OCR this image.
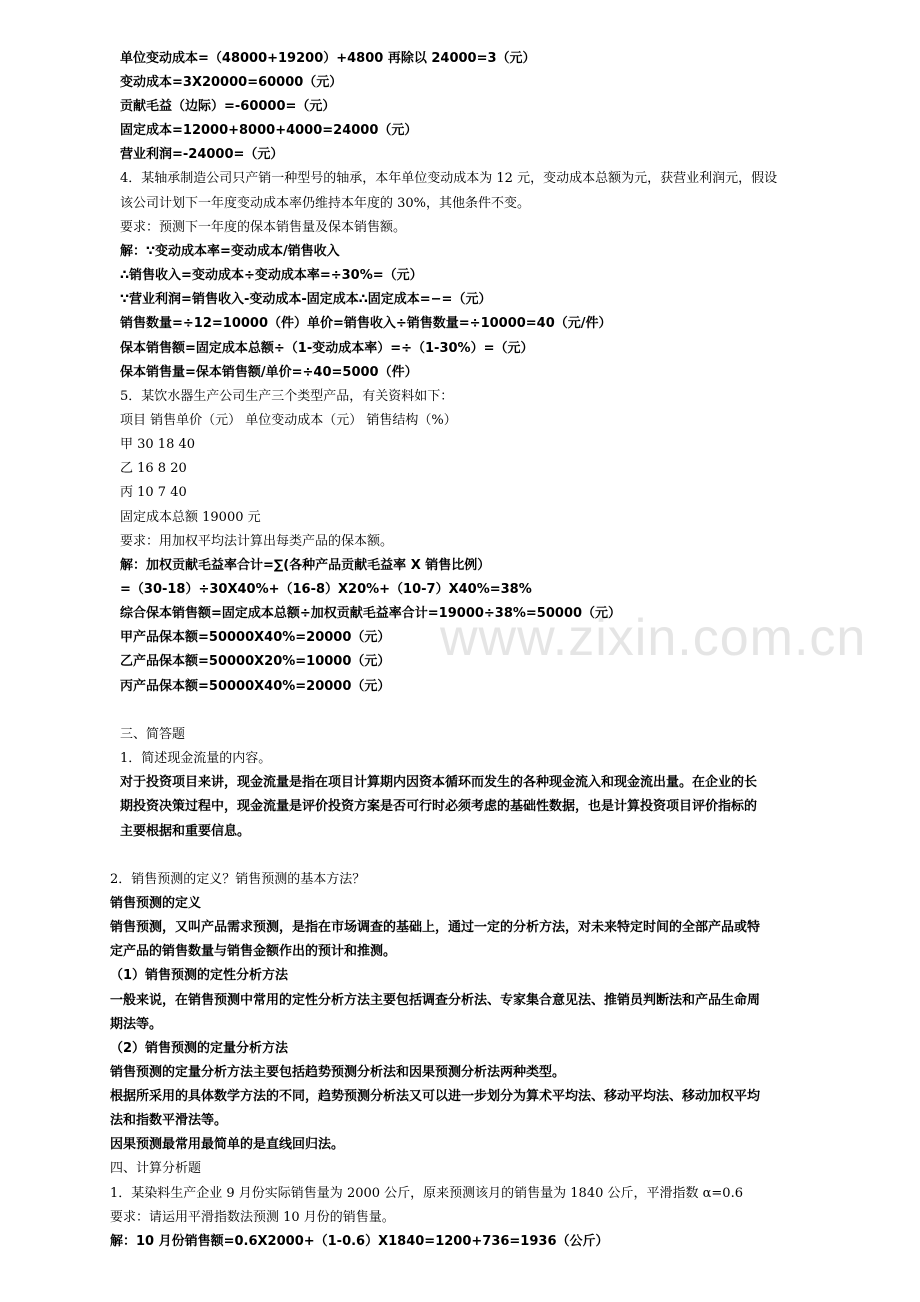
单位变动成本=（48000+19200）+4800 再除以 24000=3（元）
变动成本=3X20000=60000（元）
贡献毛益（边际）=-60000=（元）
固定成本=12000+8000+4000=24000（元）
营业利润=-24000=（元）
4．某轴承制造公司只产销一种型号的轴承，本年单位变动成本为 12 元，变动成本总额为元，获营业利润元，假设
该公司计划下一年度变动成本率仍维持本年度的 30%，其他条件不变。
要求：预测下一年度的保本销售量及保本销售额。
解：∵变动成本率=变动成本/销售收入
∴销售收入=变动成本÷变动成本率=÷30%=（元）
∵营业利润=销售收入-变动成本-固定成本∴固定成本=−=（元）
销售数量=÷12=10000（件）单价=销售收入÷销售数量=÷10000=40（元/件）
保本销售额=固定成本总额÷（1-变动成本率）=÷（1-30%）=（元）
保本销售量=保本销售额/单价=÷40=5000（件）
5．某饮水器生产公司生产三个类型产品，有关资料如下：
项目 销售单价（元） 单位变动成本（元） 销售结构（%）
甲 30 18 40
乙 16 8 20
丙 10 7 40
固定成本总额 19000 元
要求：用加权平均法计算出每类产品的保本额。
解：加权贡献毛益率合计=∑(各种产品贡献毛益率 X 销售比例）
=（30-18）÷30X40%+（16-8）X20%+（10-7）X40%=38%
综合保本销售额=固定成本总额÷加权贡献毛益率合计=19000÷38%=50000（元）
甲产品保本额=50000X40%=20000（元）
乙产品保本额=50000X20%=10000（元）
丙产品保本额=50000X40%=20000（元）
三、简答题
1．简述现金流量的内容。
对于投资项目来讲，现金流量是指在项目计算期内因资本循环而发生的各种现金流入和现金流出量。在企业的长
期投资决策过程中，现金流量是评价投资方案是否可行时必须考虑的基础性数据，也是计算投资项目评价指标的
主要根据和重要信息。
2．销售预测的定义？销售预测的基本方法？
销售预测的定义
销售预测，又叫产品需求预测，是指在市场调查的基础上，通过一定的分析方法，对未来特定时间的全部产品或特
定产品的销售数量与销售金额作出的预计和推测。
（1）销售预测的定性分析方法
一般来说，在销售预测中常用的定性分析方法主要包括调查分析法、专家集合意见法、推销员判断法和产品生命周
期法等。
（2）销售预测的定量分析方法
销售预测的定量分析方法主要包括趋势预测分析法和因果预测分析法两种类型。
根据所采用的具体数学方法的不同，趋势预测分析法又可以进一步划分为算术平均法、移动平均法、移动加权平均
法和指数平滑法等。
因果预测最常用最简单的是直线回归法。
四、计算分析题
1．某染料生产企业 9 月份实际销售量为 2000 公斤，原来预测该月的销售量为 1840 公斤，平滑指数 α=0.6
要求：请运用平滑指数法预测 10 月份的销售量。
解：10 月份销售额=0.6X2000+（1-0.6）X1840=1200+736=1936（公斤）
www.zixin.com.cn
